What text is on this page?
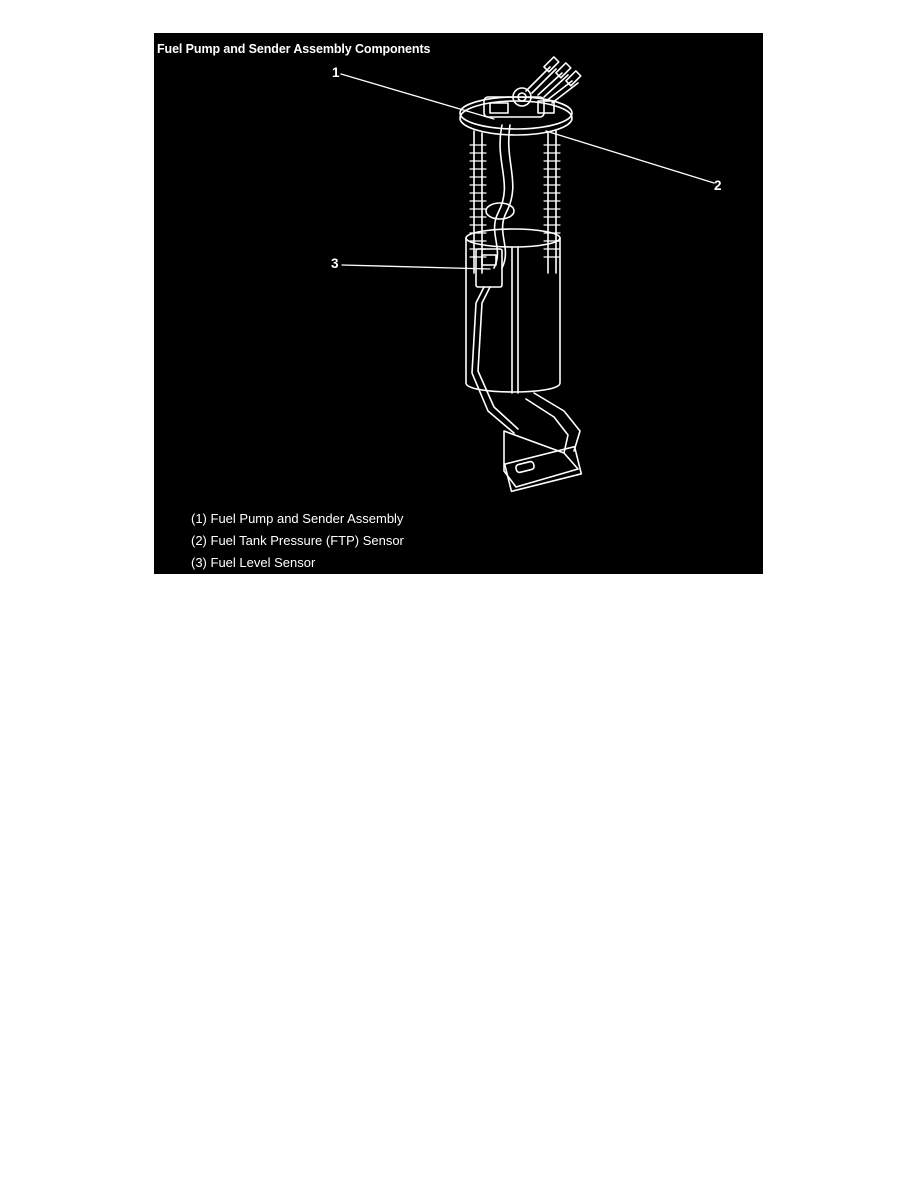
Fuel Pump and Sender Assembly Components
1
2
3
(1) Fuel Pump and Sender Assembly
(2) Fuel Tank Pressure (FTP) Sensor
(3) Fuel Level Sensor
